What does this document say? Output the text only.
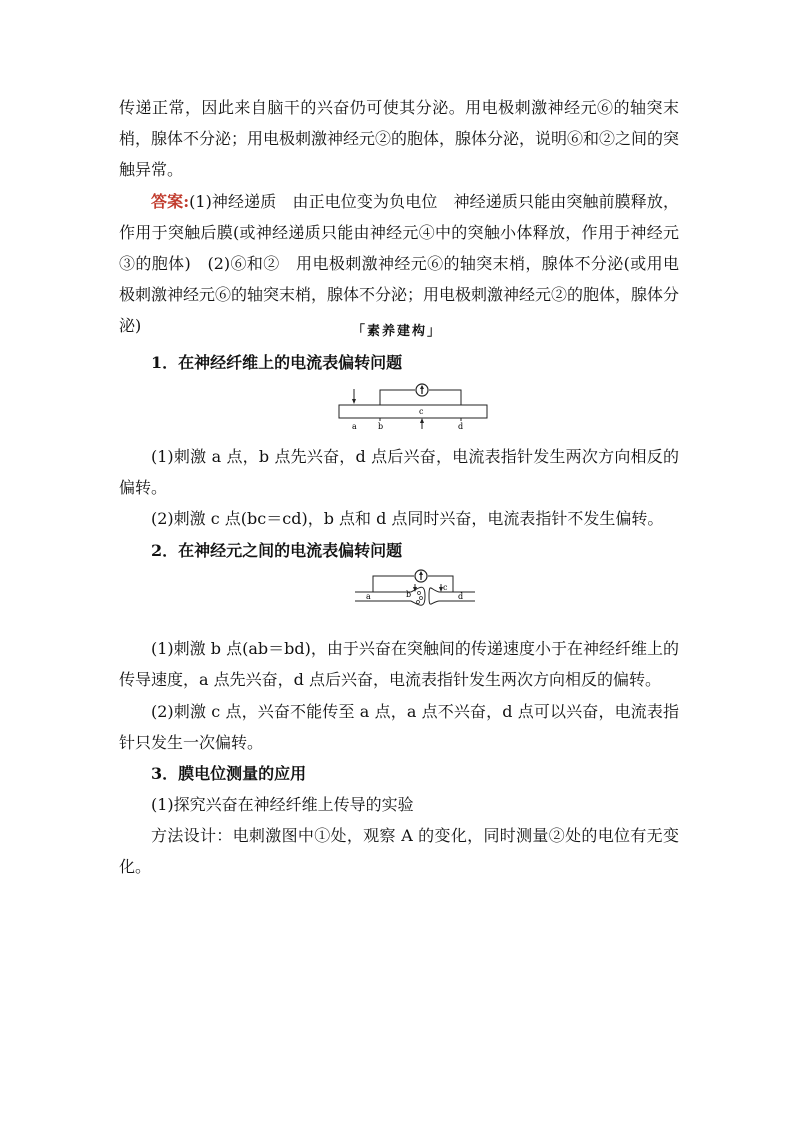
传递正常，因此来自脑干的兴奋仍可使其分泌。用电极刺激神经元⑥的轴突末梢，腺体不分泌；用电极刺激神经元②的胞体，腺体分泌，说明⑥和②之间的突触异常。

答案:(1)神经递质　由正电位变为负电位　神经递质只能由突触前膜释放，作用于突触后膜(或神经递质只能由神经元④中的突触小体释放，作用于神经元③的胞体)　(2)⑥和②　用电极刺激神经元⑥的轴突末梢，腺体不分泌(或用电极刺激神经元⑥的轴突末梢，腺体不分泌；用电极刺激神经元②的胞体，腺体分泌)	「素养建构」

1．在神经纤维上的电流表偏转问题

a	b
c
d

(1)刺激 a 点，b 点先兴奋，d 点后兴奋，电流表指针发生两次方向相反的偏转。

(2)刺激 c 点(bc＝cd)，b 点和 d 点同时兴奋，电流表指针不发生偏转。

2．在神经元之间的电流表偏转问题

a	b
c
d

(1)刺激 b 点(ab＝bd)，由于兴奋在突触间的传递速度小于在神经纤维上的传导速度，a 点先兴奋，d 点后兴奋，电流表指针发生两次方向相反的偏转。

(2)刺激 c 点，兴奋不能传至 a 点，a 点不兴奋，d 点可以兴奋，电流表指针只发生一次偏转。

3．膜电位测量的应用

(1)探究兴奋在神经纤维上传导的实验

方法设计：电刺激图中①处，观察 A 的变化，同时测量②处的电位有无变化。
